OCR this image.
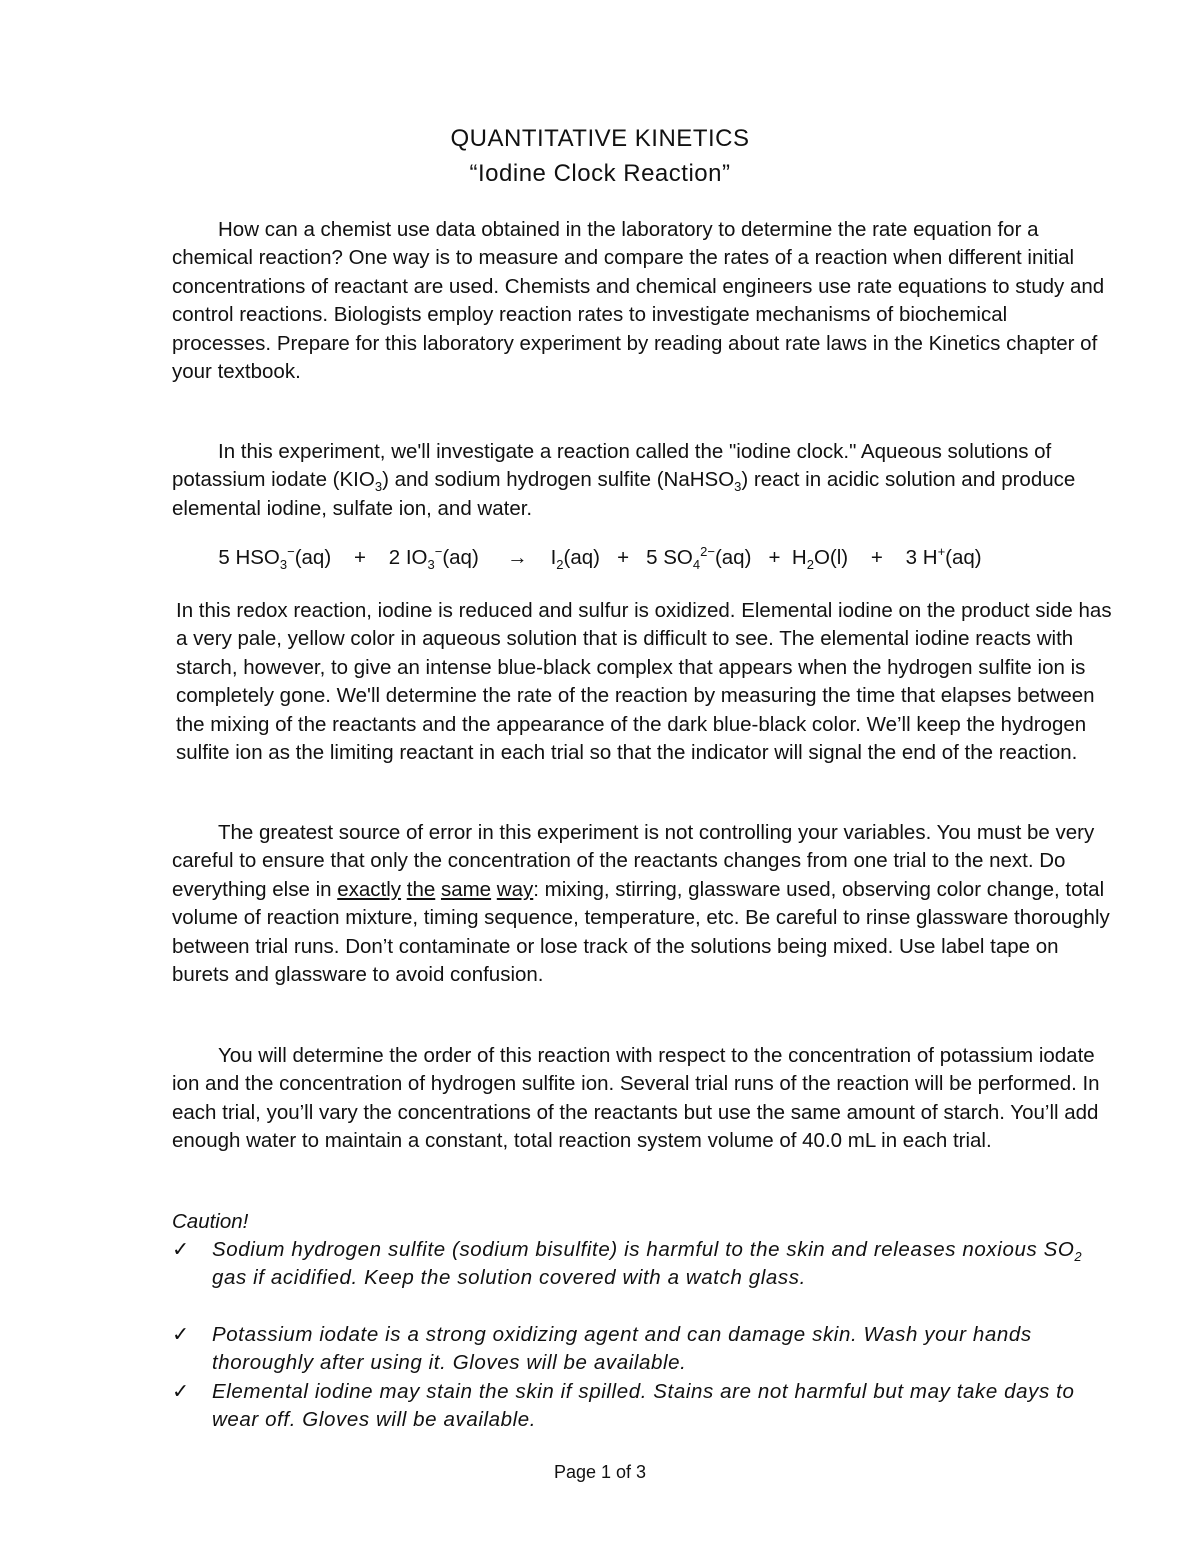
QUANTITATIVE KINETICS
“Iodine Clock Reaction”
How can a chemist use data obtained in the laboratory to determine the rate equation for a chemical reaction? One way is to measure and compare the rates of a reaction when different initial concentrations of reactant are used. Chemists and chemical engineers use rate equations to study and control reactions. Biologists employ reaction rates to investigate mechanisms of biochemical processes. Prepare for this laboratory experiment by reading about rate laws in the Kinetics chapter of your textbook.
In this experiment, we'll investigate a reaction called the "iodine clock." Aqueous solutions of potassium iodate $(KIO_3)$ and sodium hydrogen sulfite (NaHSO$_3$) react in acidic solution and produce elemental iodine, sulfate ion, and water.
5 $HSO_3^-(aq) + 2$ $IO_3^-(aq) \to I_2(aq) + 5$ $SO_4^{2-}(aq) + H_2O(l) + 3$ H+(aq)
In this redox reaction, iodine is reduced and sulfur is oxidized. Elemental iodine on the product side has a very pale, yellow color in aqueous solution that is difficult to see. The elemental iodine reacts with starch, however, to give an intense blue-black complex that appears when the hydrogen sulfite ion is completely gone. We'll determine the rate of the reaction by measuring the time that elapses between the mixing of the reactants and the appearance of the dark blue-black color. We’ll keep the hydrogen sulfite ion as the limiting reactant in each trial so that the indicator will signal the end of the reaction.
The greatest source of error in this experiment is not controlling your variables. You must be very careful to ensure that only the concentration of the reactants changes from one trial to the next. Do everything else in exactly the same way: mixing, stirring, glassware used, observing color change, total volume of reaction mixture, timing sequence, temperature, etc. Be careful to rinse glassware thoroughly between trial runs. Don’t contaminate or lose track of the solutions being mixed. Use label tape on burets and glassware to avoid confusion.
You will determine the order of this reaction with respect to the concentration of potassium iodate ion and the concentration of hydrogen sulfite ion. Several trial runs of the reaction will be performed. In each trial, you’ll vary the concentrations of the reactants but use the same amount of starch. You’ll add enough water to maintain a constant, total reaction system volume of 40.0 mL in each trial.
Caution!
✓ Sodium hydrogen sulfite (sodium bisulfite) is harmful to the skin and releases noxious $SO_2$ gas if acidified. Keep the solution covered with a watch glass.
✓ Potassium iodate is a strong oxidizing agent and can damage skin. Wash your hands thoroughly after using it. Gloves will be available.
✓ Elemental iodine may stain the skin if spilled. Stains are not harmful but may take days to wear off. Gloves will be available.
Page 1 of 3
